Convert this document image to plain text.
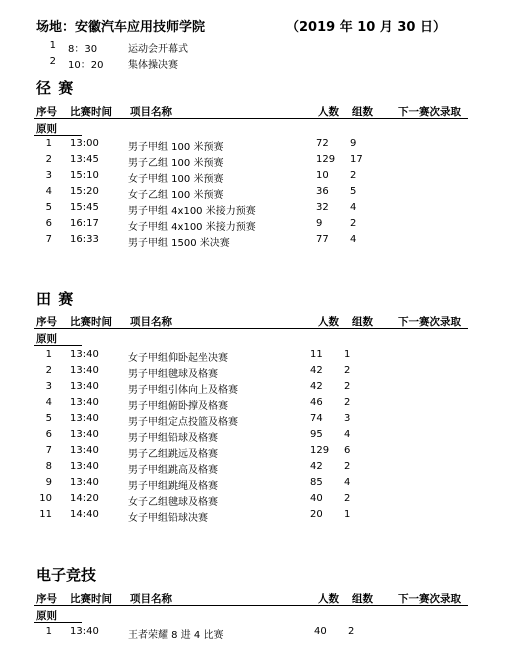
场地：安徽汽车应用技师学院	（2019 年 10 月 30 日）
1 8：30	运动会开幕式
2 10：20 集体操决赛
径 赛
序号 比赛时间 项目名称	人数 组数 下一赛次录取
原则
1 13:00	男子甲组 100 米预赛	72 9
2 13:45	男子乙组 100 米预赛	129 17
3 15:10	女子甲组 100 米预赛	10 2
4 15:20	女子乙组 100 米预赛	36 5
5 15:45	男子甲组 4x100 米接力预赛	32 4
6 16:17	女子甲组 4x100 米接力预赛	9	2
7 16:33	男子甲组 1500 米决赛	77 4
田 赛
序号 比赛时间 项目名称	人数 组数 下一赛次录取
原则
1 13:40	女子甲组仰卧起坐决赛	11 1
2 13:40	男子甲组毽球及格赛	42 2
3 13:40	男子甲组引体向上及格赛	42 2
4 13:40	男子甲组俯卧撑及格赛	46 2
5 13:40	男子甲组定点投篮及格赛	74 3
6 13:40	男子甲组铅球及格赛	95 4
7 13:40	男子乙组跳远及格赛	129 6
8 13:40	男子甲组跳高及格赛	42 2
9 13:40	男子甲组跳绳及格赛	85 4
10 14:20	女子乙组毽球及格赛	40 2
11 14:40	女子甲组铅球决赛	20 1
电子竞技
序号 比赛时间 项目名称	人数 组数 下一赛次录取
原则
1 13:40	王者荣耀 8 进 4 比赛	40 2
